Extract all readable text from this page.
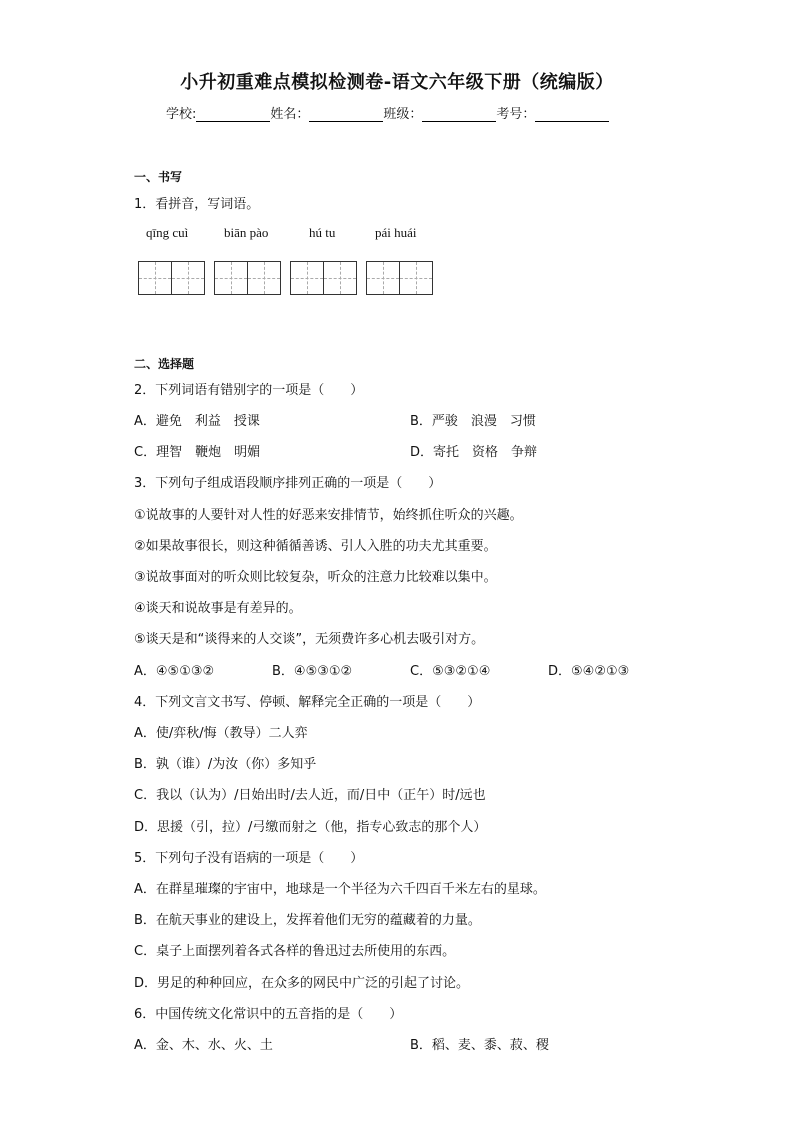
小升初重难点模拟检测卷-语文六年级下册（统编版）
学校:	姓名：	班级：	考号：
一、书写
1．看拼音，写词语。
qīng cuì	biān pào	hú tu	pái huái
二、选择题
2．下列词语有错别字的一项是（　　）
A．避免　利益　授课	B．严骏　浪漫　习惯
C．理智　鞭炮　明媚	D．寄托　资格　争辩
3．下列句子组成语段顺序排列正确的一项是（　　）
①说故事的人要针对人性的好恶来安排情节，始终抓住听众的兴趣。
②如果故事很长，则这种循循善诱、引人入胜的功夫尤其重要。
③说故事面对的听众则比较复杂，听众的注意力比较难以集中。
④谈天和说故事是有差异的。
⑤谈天是和“谈得来的人交谈”，无须费许多心机去吸引对方。
A．④⑤①③②	B．④⑤③①②	C．⑤③②①④	D．⑤④②①③
4．下列文言文书写、停顿、解释完全正确的一项是（　　）
A．使/弈秋/悔（教导）二人弈
B．孰（谁）/为汝（你）多知乎
C．我以（认为）/日始出时/去人近，而/日中（正午）时/远也
D．思援（引，拉）/弓缴而射之（他，指专心致志的那个人）
5．下列句子没有语病的一项是（　　）
A．在群星璀璨的宇宙中，地球是一个半径为六千四百千米左右的星球。
B．在航天事业的建设上，发挥着他们无穷的蕴藏着的力量。
C．桌子上面摆列着各式各样的鲁迅过去所使用的东西。
D．男足的种种回应，在众多的网民中广泛的引起了讨论。
6．中国传统文化常识中的五音指的是（　　）
A．金、木、水、火、土	B．稻、麦、黍、菽、稷
